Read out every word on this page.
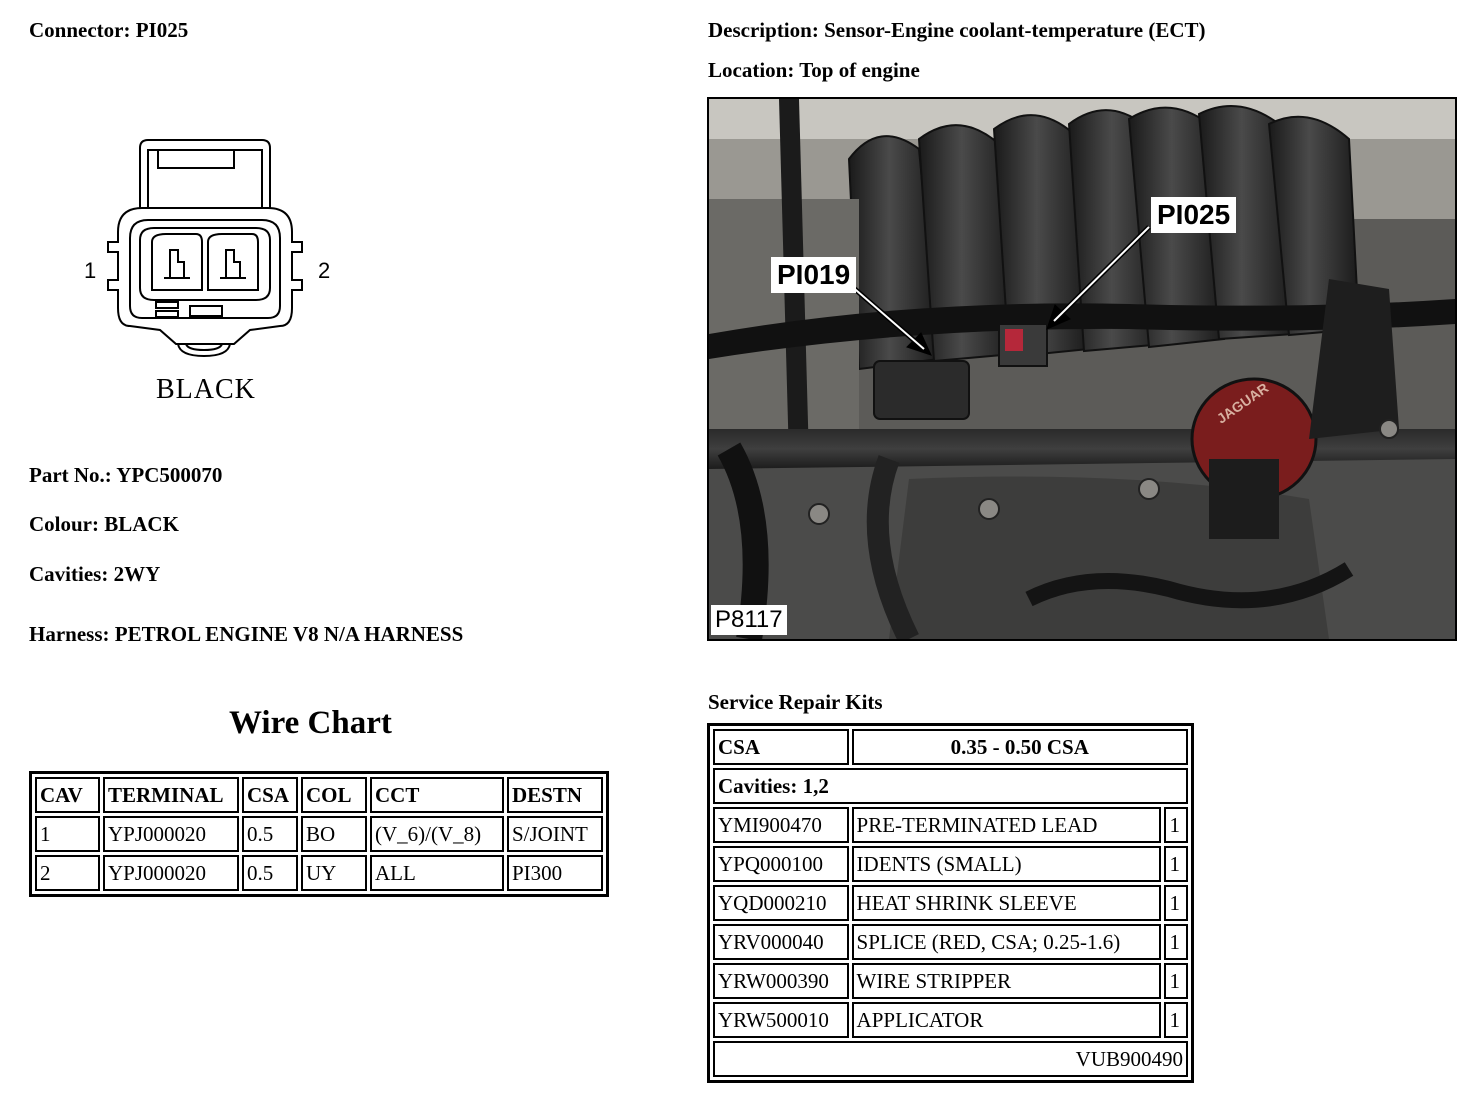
Connector: PI025	Description: Sensor-Engine coolant-temperature (ECT)
Location: Top of engine
1	2
BLACK
Part No.: YPC500070
Colour: BLACK
Cavities: 2WY
Harness: PETROL ENGINE V8 N/A HARNESS
JAGUAR
PI019
PI025
P8117
Wire Chart
CAV	TERMINAL	CSA	COL	CCT	DESTN
1	YPJ000020	0.5	BO	(V_6)/(V_8)	S/JOINT
2	YPJ000020	0.5	UY	ALL	PI300
Service Repair Kits
CSA	0.35 - 0.50 CSA	
Cavities: 1,2		
YMI900470	PRE-TERMINATED LEAD	1
YPQ000100	IDENTS (SMALL)	1
YQD000210	HEAT SHRINK SLEEVE	1
YRV000040	SPLICE (RED, CSA; 0.25-1.6)	1
YRW000390	WIRE STRIPPER	1
YRW500010	APPLICATOR	1
VUB900490		
